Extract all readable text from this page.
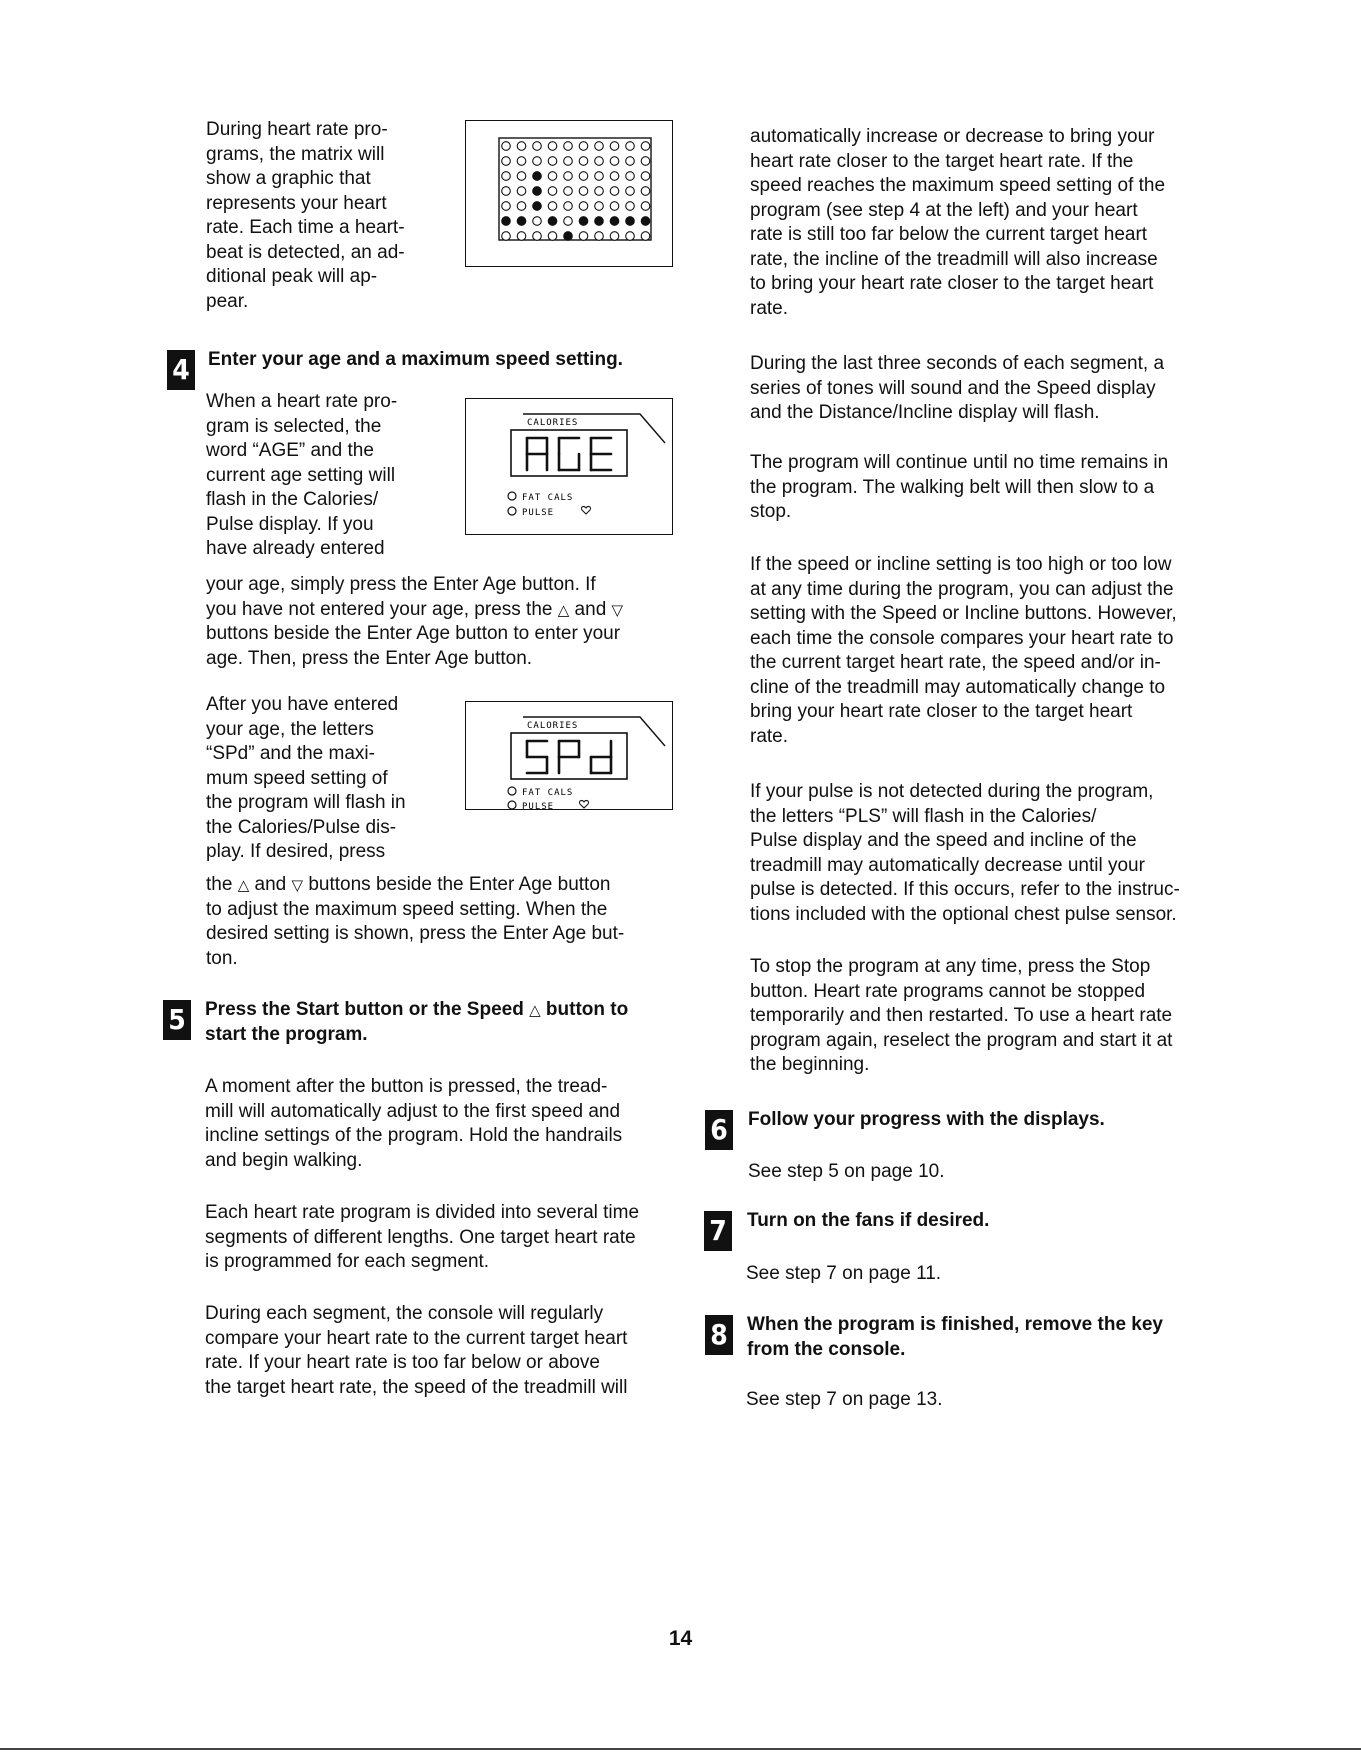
During heart rate pro-
grams, the matrix will
show a graphic that
represents your heart
rate. Each time a heart-
beat is detected, an ad-
ditional peak will ap-
pear.
4 Enter your age and a maximum speed setting.
When a heart rate pro-
gram is selected, the
word “AGE” and the
current age setting will
flash in the Calories/
Pulse display. If you
have already entered
CALORIES
FAT CALS
PULSE
your age, simply press the Enter Age button. If
you have not entered your age, press the △ and ▽
buttons beside the Enter Age button to enter your
age. Then, press the Enter Age button.
After you have entered
your age, the letters
“SPd” and the maxi-
mum speed setting of
the program will flash in
the Calories/Pulse dis-
play. If desired, press
CALORIES
FAT CALS
PULSE
the △ and ▽ buttons beside the Enter Age button
to adjust the maximum speed setting. When the
desired setting is shown, press the Enter Age but-
ton.
5 Press the Start button or the Speed △ button to
start the program.
A moment after the button is pressed, the tread-
mill will automatically adjust to the first speed and
incline settings of the program. Hold the handrails
and begin walking.
Each heart rate program is divided into several time
segments of different lengths. One target heart rate
is programmed for each segment.
During each segment, the console will regularly
compare your heart rate to the current target heart
rate. If your heart rate is too far below or above
the target heart rate, the speed of the treadmill will
automatically increase or decrease to bring your
heart rate closer to the target heart rate. If the
speed reaches the maximum speed setting of the
program (see step 4 at the left) and your heart
rate is still too far below the current target heart
rate, the incline of the treadmill will also increase
to bring your heart rate closer to the target heart
rate.
During the last three seconds of each segment, a
series of tones will sound and the Speed display
and the Distance/Incline display will flash.
The program will continue until no time remains in
the program. The walking belt will then slow to a
stop.
If the speed or incline setting is too high or too low
at any time during the program, you can adjust the
setting with the Speed or Incline buttons. However,
each time the console compares your heart rate to
the current target heart rate, the speed and/or in-
cline of the treadmill may automatically change to
bring your heart rate closer to the target heart
rate.
If your pulse is not detected during the program,
the letters “PLS” will flash in the Calories/
Pulse display and the speed and incline of the
treadmill may automatically decrease until your
pulse is detected. If this occurs, refer to the instruc-
tions included with the optional chest pulse sensor.
To stop the program at any time, press the Stop
button. Heart rate programs cannot be stopped
temporarily and then restarted. To use a heart rate
program again, reselect the program and start it at
the beginning.
6 Follow your progress with the displays.
See step 5 on page 10.
7 Turn on the fans if desired.
See step 7 on page 11.
8 When the program is finished, remove the key
from the console.
See step 7 on page 13.
14
